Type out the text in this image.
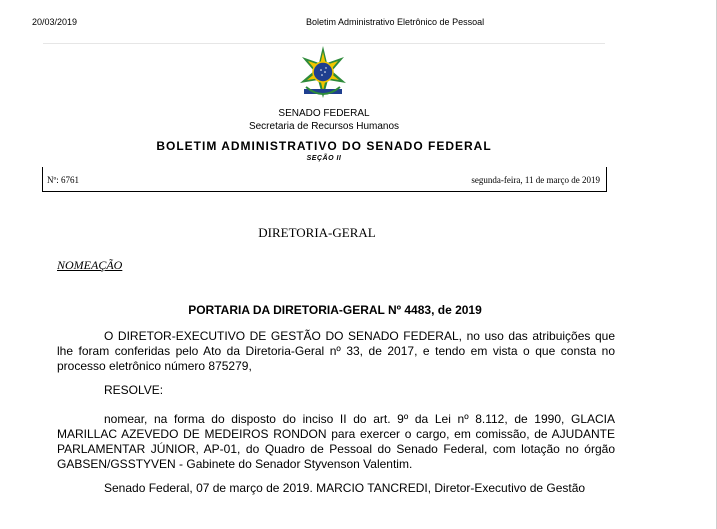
20/03/2019	Boletim Administrativo Eletrônico de Pessoal
SENADO FEDERAL
Secretaria de Recursos Humanos
BOLETIM ADMINISTRATIVO DO SENADO FEDERAL
SEÇÃO II
Nº: 6761	segunda-feira, 11 de março de 2019
DIRETORIA-GERAL
NOMEAÇÃO
PORTARIA DA DIRETORIA-GERAL Nº 4483, de 2019

O DIRETOR-EXECUTIVO DE GESTÃO DO SENADO FEDERAL, no uso das atribuições que lhe foram conferidas pelo Ato da Diretoria-Geral nº 33, de 2017, e tendo em vista o que consta no processo eletrônico número 875279,

RESOLVE:

nomear, na forma do disposto do inciso II do art. 9º da Lei nº 8.112, de 1990, GLACIA MARILLAC AZEVEDO DE MEDEIROS RONDON para exercer o cargo, em comissão, de AJUDANTE PARLAMENTAR JÚNIOR, AP-01, do Quadro de Pessoal do Senado Federal, com lotação no órgão GABSEN/GSSTYVEN - Gabinete do Senador Styvenson Valentim.

Senado Federal, 07 de março de 2019. MARCIO TANCREDI, Diretor-Executivo de Gestão
